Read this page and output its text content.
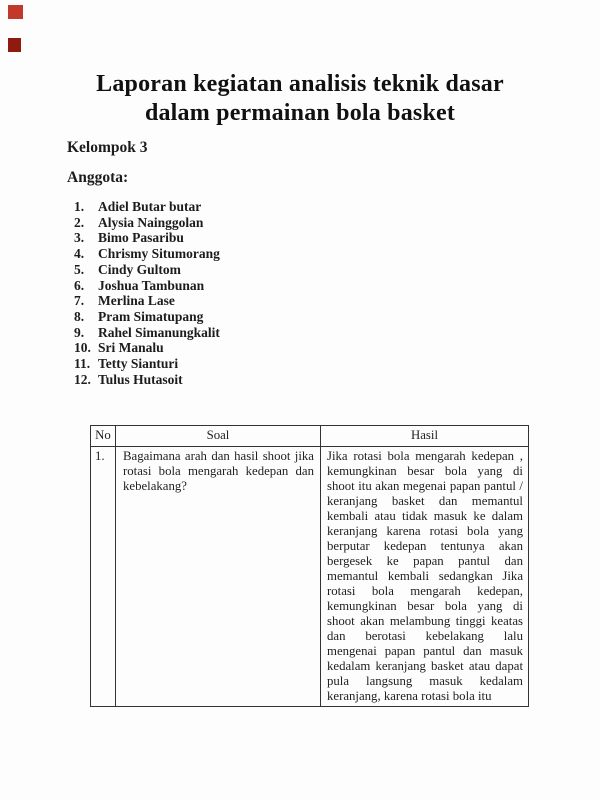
Laporan kegiatan analisis teknik dasar
dalam permainan bola basket

Kelompok 3

Anggota:

1. Adiel Butar butar
2. Alysia Nainggolan
3. Bimo Pasaribu
4. Chrismy Situmorang
5. Cindy Gultom
6. Joshua Tambunan
7. Merlina Lase
8. Pram Simatupang
9. Rahel Simanungkalit
10. Sri Manalu
11. Tetty Sianturi
12. Tulus Hutasoit
No	Soal	Hasil
1.	Bagaimana arah dan hasil shoot jika rotasi bola mengarah kedepan dan kebelakang?	Jika rotasi bola mengarah kedepan , kemungkinan besar bola yang di shoot itu akan megenai papan pantul / keranjang basket dan memantul kembali atau tidak masuk ke dalam keranjang karena rotasi bola yang berputar kedepan tentunya akan bergesek ke papan pantul dan memantul kembali sedangkan Jika rotasi bola mengarah kedepan, kemungkinan besar bola yang di shoot akan melambung tinggi keatas dan berotasi kebelakang lalu mengenai papan pantul dan masuk kedalam keranjang basket atau dapat pula langsung masuk kedalam keranjang, karena rotasi bola itu
